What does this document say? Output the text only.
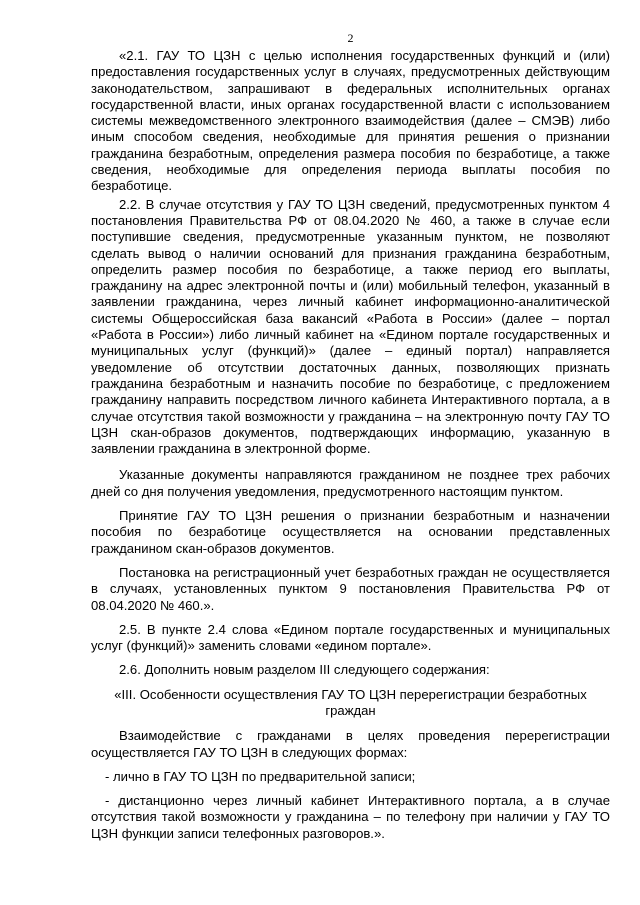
2

«2.1. ГАУ ТО ЦЗН с целью исполнения государственных функций и (или) предоставления государственных услуг в случаях, предусмотренных действующим законодательством, запрашивают в федеральных исполнительных органах государственной власти, иных органах государственной власти с использованием системы межведомственного электронного взаимодействия (далее – СМЭВ) либо иным способом сведения, необходимые для принятия решения о признании гражданина безработным, определения размера пособия по безработице, а также сведения, необходимые для определения периода выплаты пособия по безработице.

2.2. В случае отсутствия у ГАУ ТО ЦЗН сведений, предусмотренных пунктом 4 постановления Правительства РФ от 08.04.2020 № 460, а также в случае если поступившие сведения, предусмотренные указанным пунктом, не позволяют сделать вывод о наличии оснований для признания гражданина безработным, определить размер пособия по безработице, а также период его выплаты, гражданину на адрес электронной почты и (или) мобильный телефон, указанный в заявлении гражданина, через личный кабинет информационно-аналитической системы Общероссийская база вакансий «Работа в России» (далее – портал «Работа в России») либо личный кабинет на «Едином портале государственных и муниципальных услуг (функций)» (далее – единый портал) направляется уведомление об отсутствии достаточных данных, позволяющих признать гражданина безработным и назначить пособие по безработице, с предложением гражданину направить посредством личного кабинета Интерактивного портала, а в случае отсутствия такой возможности у гражданина – на электронную почту ГАУ ТО ЦЗН скан-образов документов, подтверждающих информацию, указанную в заявлении гражданина в электронной форме.

Указанные документы направляются гражданином не позднее трех рабочих дней со дня получения уведомления, предусмотренного настоящим пунктом.

Принятие ГАУ ТО ЦЗН решения о признании безработным и назначении пособия по безработице осуществляется на основании представленных гражданином скан-образов документов.

Постановка на регистрационный учет безработных граждан не осуществляется в случаях, установленных пунктом 9 постановления Правительства РФ от 08.04.2020 № 460.».

2.5. В пункте 2.4 слова «Едином портале государственных и муниципальных услуг (функций)» заменить словами «едином портале».

2.6. Дополнить новым разделом III следующего содержания:

«III. Особенности осуществления ГАУ ТО ЦЗН перерегистрации безработных граждан

Взаимодействие с гражданами в целях проведения перерегистрации осуществляется ГАУ ТО ЦЗН в следующих формах:

- лично в ГАУ ТО ЦЗН по предварительной записи;

- дистанционно через личный кабинет Интерактивного портала, а в случае отсутствия такой возможности у гражданина – по телефону при наличии у ГАУ ТО ЦЗН функции записи телефонных разговоров.».
